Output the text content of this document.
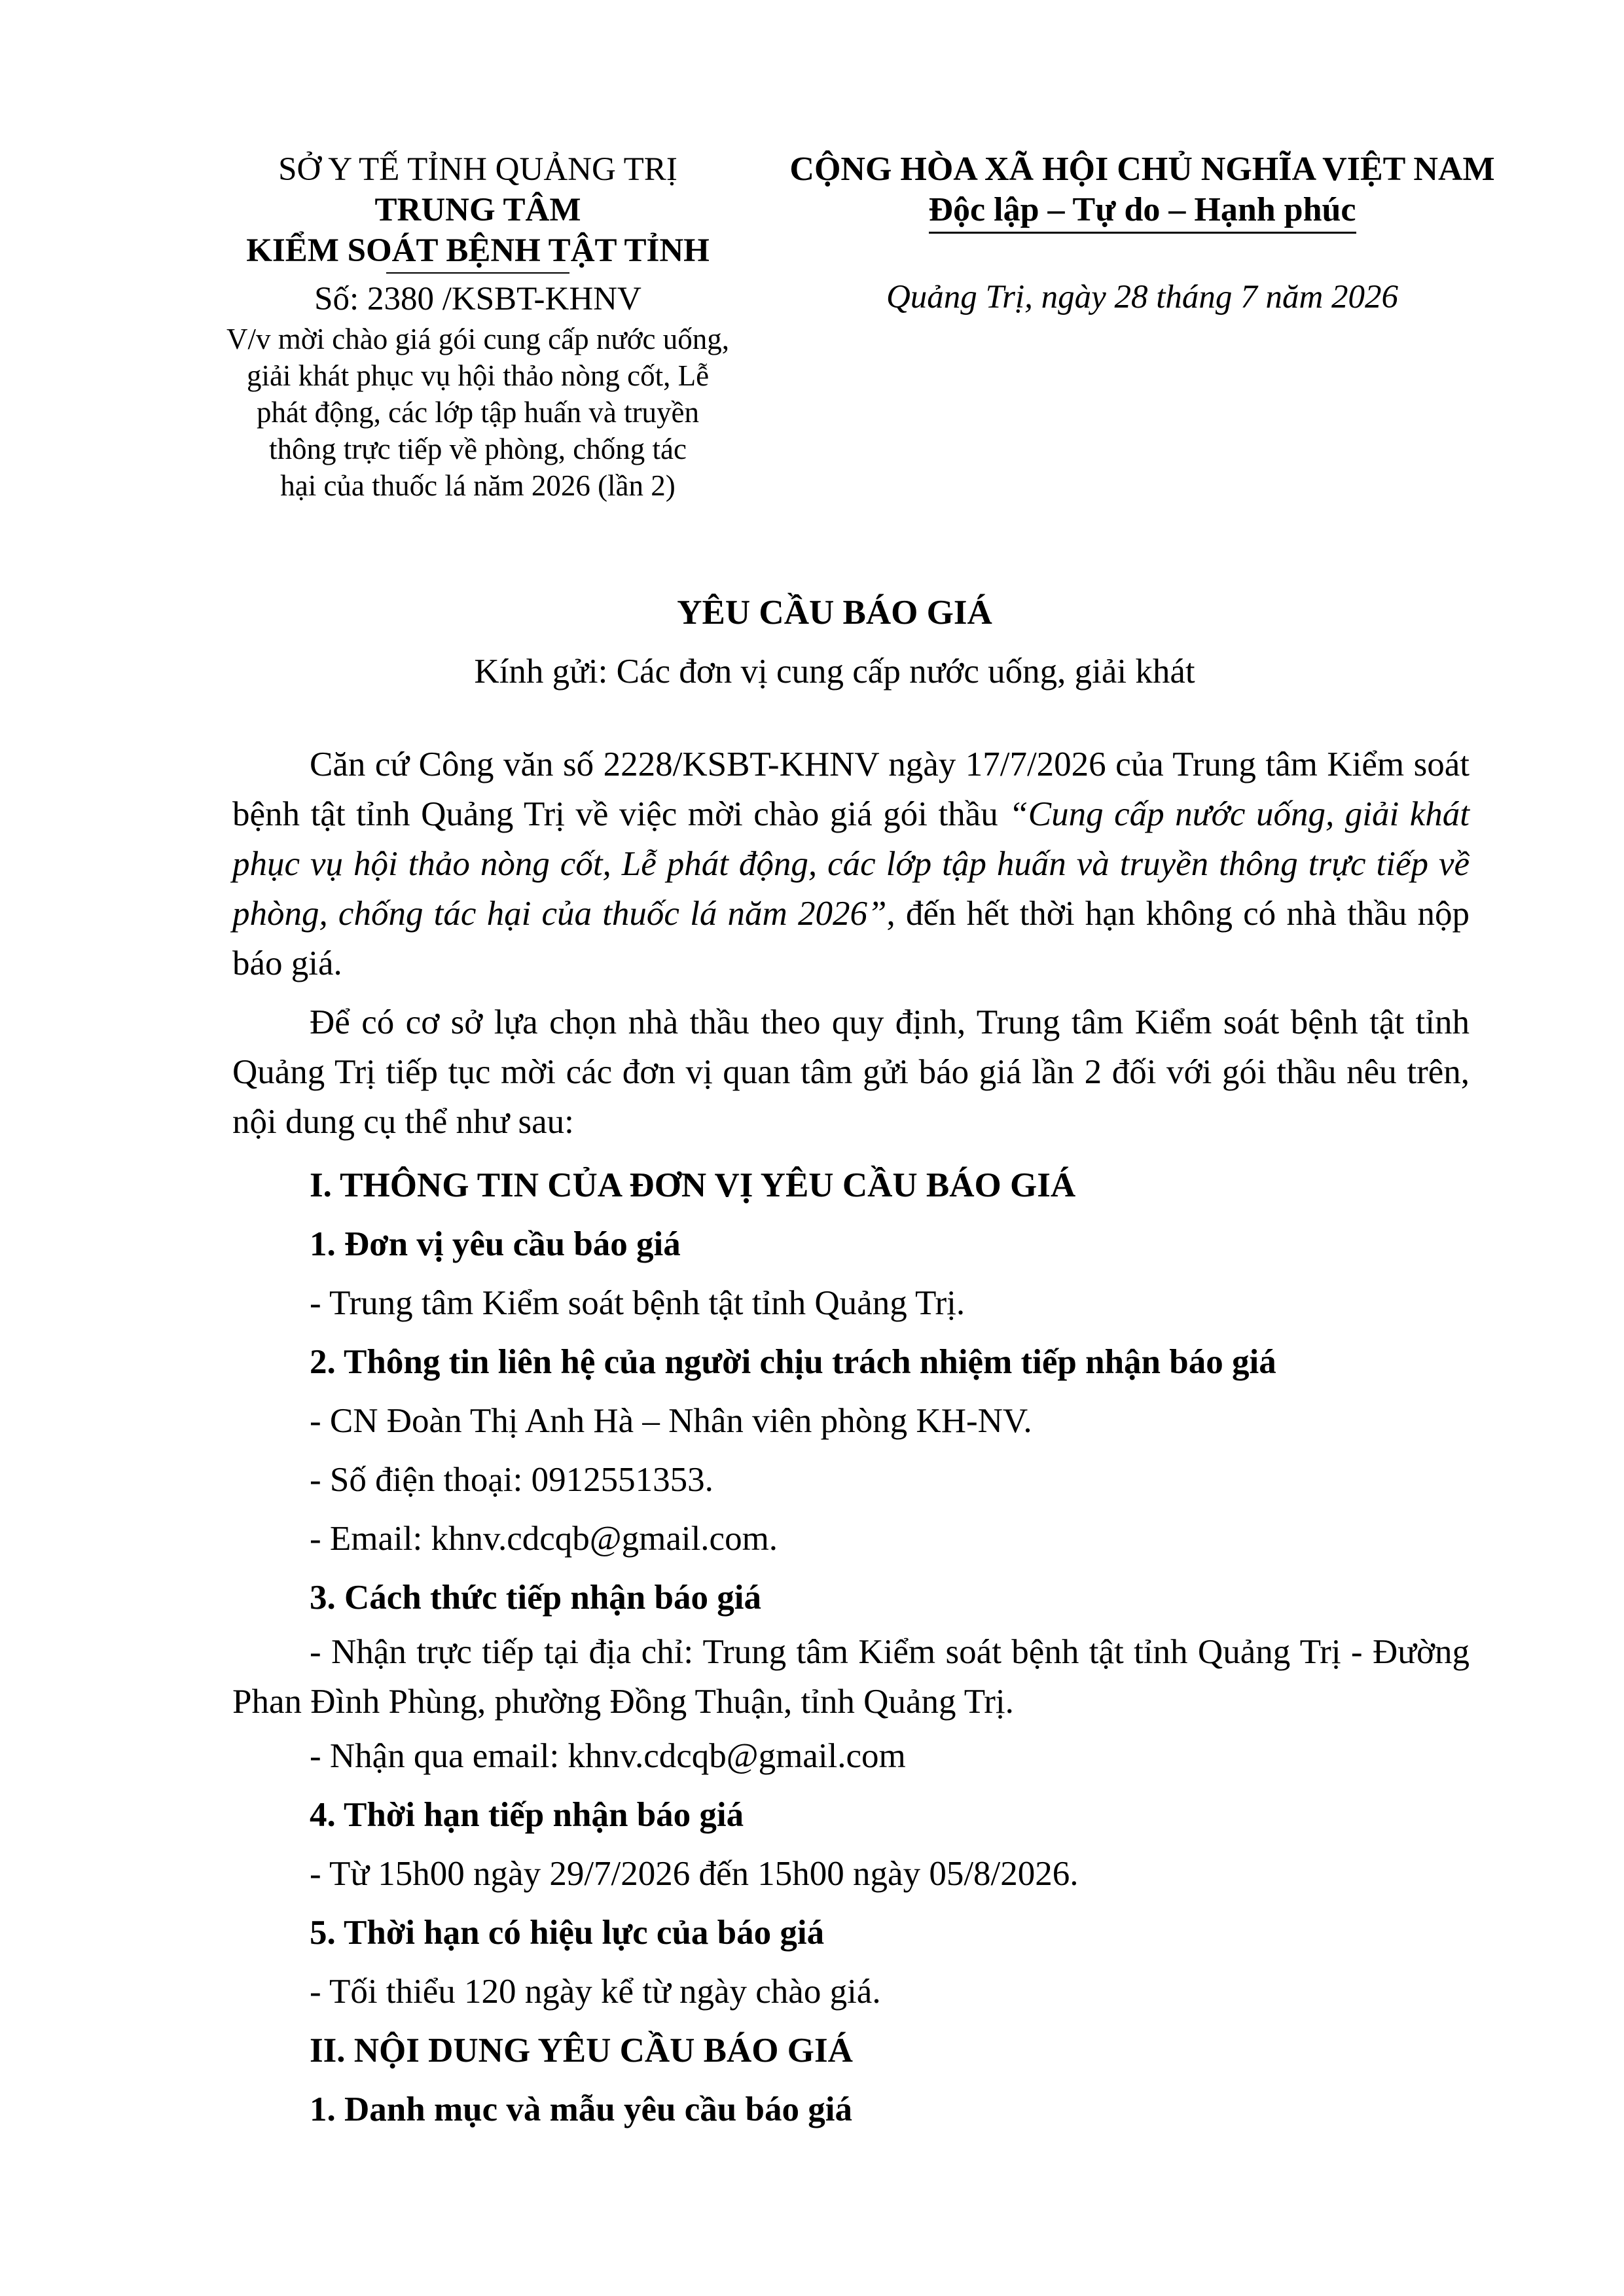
SỞ Y TẾ TỈNH QUẢNG TRỊ
TRUNG TÂM
KIỂM SOÁT BỆNH TẬT TỈNH
Số: 2380 /KSBT-KHNV
V/v mời chào giá gói cung cấp nước uống,
giải khát phục vụ hội thảo nòng cốt, Lễ
phát động, các lớp tập huấn và truyền
thông trực tiếp về phòng, chống tác
hại của thuốc lá năm 2026 (lần 2)
CỘNG HÒA XÃ HỘI CHỦ NGHĨA VIỆT NAM
Độc lập – Tự do – Hạnh phúc
Quảng Trị, ngày 28 tháng 7 năm 2026
YÊU CẦU BÁO GIÁ
Kính gửi: Các đơn vị cung cấp nước uống, giải khát

Căn cứ Công văn số 2228/KSBT-KHNV ngày 17/7/2026 của Trung tâm Kiểm soát bệnh tật tỉnh Quảng Trị về việc mời chào giá gói thầu “Cung cấp nước uống, giải khát phục vụ hội thảo nòng cốt, Lễ phát động, các lớp tập huấn và truyền thông trực tiếp về phòng, chống tác hại của thuốc lá năm 2026”, đến hết thời hạn không có nhà thầu nộp báo giá.

Để có cơ sở lựa chọn nhà thầu theo quy định, Trung tâm Kiểm soát bệnh tật tỉnh Quảng Trị tiếp tục mời các đơn vị quan tâm gửi báo giá lần 2 đối với gói thầu nêu trên, nội dung cụ thể như sau:

I. THÔNG TIN CỦA ĐƠN VỊ YÊU CẦU BÁO GIÁ

1. Đơn vị yêu cầu báo giá

- Trung tâm Kiểm soát bệnh tật tỉnh Quảng Trị.

2. Thông tin liên hệ của người chịu trách nhiệm tiếp nhận báo giá

- CN Đoàn Thị Anh Hà – Nhân viên phòng KH-NV.

- Số điện thoại: 0912551353.

- Email: khnv.cdcqb@gmail.com.

3. Cách thức tiếp nhận báo giá

- Nhận trực tiếp tại địa chỉ: Trung tâm Kiểm soát bệnh tật tỉnh Quảng Trị - Đường Phan Đình Phùng, phường Đồng Thuận, tỉnh Quảng Trị.

- Nhận qua email: khnv.cdcqb@gmail.com

4. Thời hạn tiếp nhận báo giá

- Từ 15h00 ngày 29/7/2026 đến 15h00 ngày 05/8/2026.

5. Thời hạn có hiệu lực của báo giá

- Tối thiểu 120 ngày kể từ ngày chào giá.

II. NỘI DUNG YÊU CẦU BÁO GIÁ

1. Danh mục và mẫu yêu cầu báo giá
